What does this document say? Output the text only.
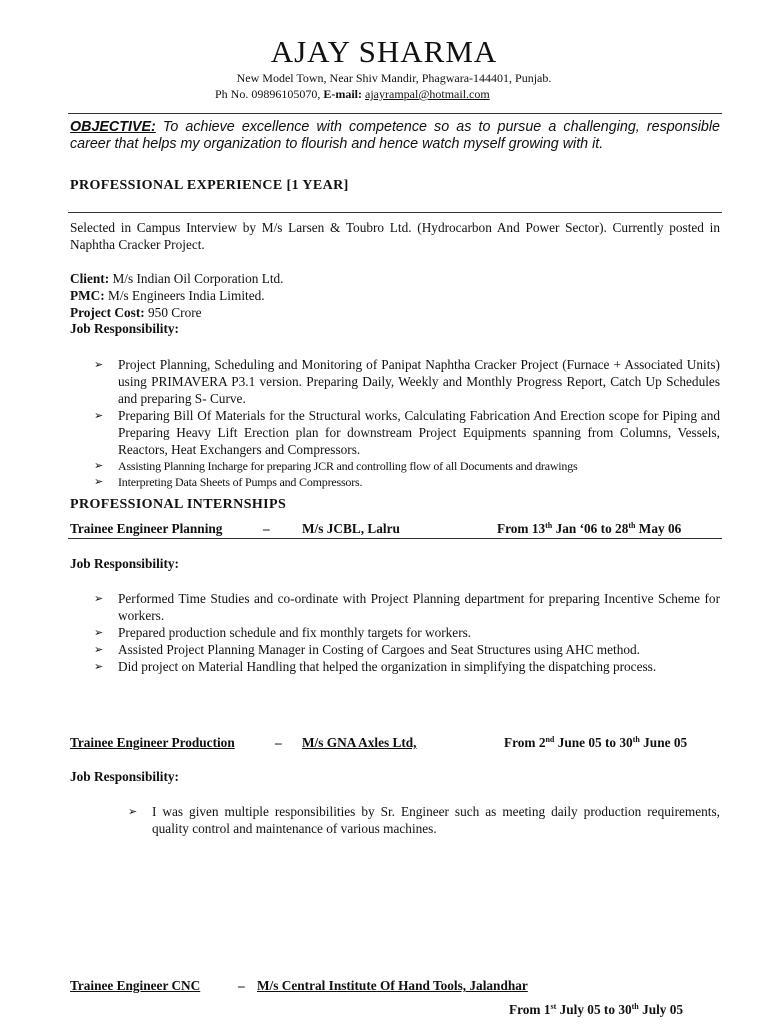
AJAY SHARMA
New Model Town, Near Shiv Mandir, Phagwara-144401, Punjab.
Ph No. 09896105070, E-mail: ajayrampal@hotmail.com
OBJECTIVE: To achieve excellence with competence so as to pursue a challenging, responsible career that helps my organization to flourish and hence watch myself growing with it.
PROFESSIONAL EXPERIENCE [1 YEAR]
Selected in Campus Interview by M/s Larsen & Toubro Ltd. (Hydrocarbon And Power Sector). Currently posted in Naphtha Cracker Project.
Client: M/s Indian Oil Corporation Ltd.
PMC: M/s Engineers India Limited.
Project Cost: 950 Crore
Job Responsibility:
➢ Project Planning, Scheduling and Monitoring of Panipat Naphtha Cracker Project (Furnace + Associated Units) using PRIMAVERA P3.1 version. Preparing Daily, Weekly and Monthly Progress Report, Catch Up Schedules and preparing S- Curve.
➢ Preparing Bill Of Materials for the Structural works, Calculating Fabrication And Erection scope for Piping and Preparing Heavy Lift Erection plan for downstream Project Equipments spanning from Columns, Vessels, Reactors, Heat Exchangers and Compressors.
➢ Assisting Planning Incharge for preparing JCR and controlling flow of all Documents and drawings
➢ Interpreting Data Sheets of Pumps and Compressors.
PROFESSIONAL INTERNSHIPS
Trainee Engineer Planning	– M/s JCBL, Lalru	From 13th Jan ‘06 to 28th May 06
Job Responsibility:
➢ Performed Time Studies and co-ordinate with Project Planning department for preparing Incentive Scheme for workers.
➢ Prepared production schedule and fix monthly targets for workers.
➢ Assisted Project Planning Manager in Costing of Cargoes and Seat Structures using AHC method.
➢ Did project on Material Handling that helped the organization in simplifying the dispatching process.
Trainee Engineer Production	– M/s GNA Axles Ltd,	From 2nd June 05 to 30th June 05
Job Responsibility:
➢ I was given multiple responsibilities by Sr. Engineer such as meeting daily production requirements, quality control and maintenance of various machines.
Trainee Engineer CNC	– M/s Central Institute Of Hand Tools, Jalandhar
From 1st July 05 to 30th July 05
